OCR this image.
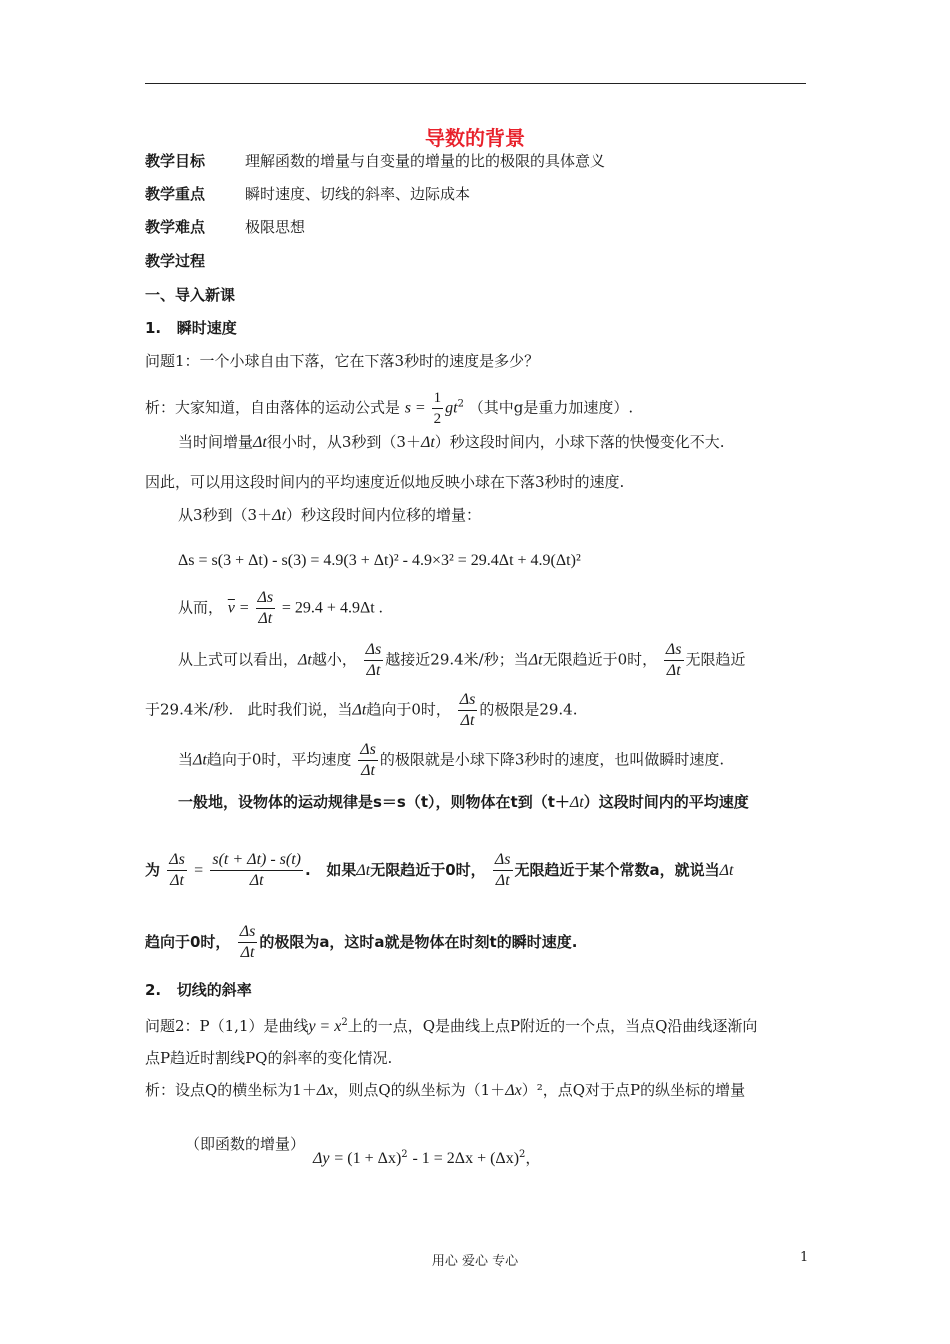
导数的背景
教学目标	理解函数的增量与自变量的增量的比的极限的具体意义
教学重点	瞬时速度、切线的斜率、边际成本
教学难点	极限思想
教学过程
一、导入新课
1.   瞬时速度
问题1：一个小球自由下落，它在下落3秒时的速度是多少？
析：大家知道，自由落体的运动公式是 $s = \frac{1}{2} gt^2$ （其中g是重力加速度）.
当时间增量Δt很小时，从3秒到（3＋Δt）秒这段时间内，小球下落的快慢变化不大.
因此，可以用这段时间内的平均速度近似地反映小球在下落3秒时的速度.
从3秒到（3＋Δt）秒这段时间内位移的增量：
Δs = s(3 + Δt) - s(3) = 4.9(3 + Δt)² - 4.9×3² = 29.4Δt + 4.9(Δt)²
从而， $\overline{v} = \frac{\Delta s}{\Delta t} = 29.4 + 4.9\Delta t$ .
从上式可以看出，Δt越小， $\frac{\Delta s}{\Delta t}$ 越接近29.4米/秒；当Δt无限趋近于0时， $\frac{\Delta s}{\Delta t}$ 无限趋近
于29.4米/秒.   此时我们说，当Δt趋向于0时， $\frac{\Delta s}{\Delta t}$ 的极限是29.4.
当Δt趋向于0时，平均速度 $\frac{\Delta s}{\Delta t}$ 的极限就是小球下降3秒时的速度，也叫做瞬时速度.
一般地，设物体的运动规律是s＝s（t），则物体在t到（t＋Δt）这段时间内的平均速度
为 $\frac{\Delta s}{\Delta t} = \frac{s(t + \Delta t) - s(t)}{\Delta t}$ .   如果Δt无限趋近于0时， $\frac{\Delta s}{\Delta t}$ 无限趋近于某个常数a，就说当Δt
趋向于0时， $\frac{\Delta s}{\Delta t}$ 的极限为a，这时a就是物体在时刻t的瞬时速度.
2.   切线的斜率
问题2：P（1,1）是曲线$y = x^2$上的一点，Q是曲线上点P附近的一个点，当点Q沿曲线逐渐向
点P趋近时割线PQ的斜率的变化情况.
析：设点Q的横坐标为1＋Δx，则点Q的纵坐标为（1＋Δx）²，点Q对于点P的纵坐标的增量
（即函数的增量）
$\Delta y = (1 + \Delta x)^2 - 1 = 2\Delta x + (\Delta x)^2$，
用心 爱心 专心	1
